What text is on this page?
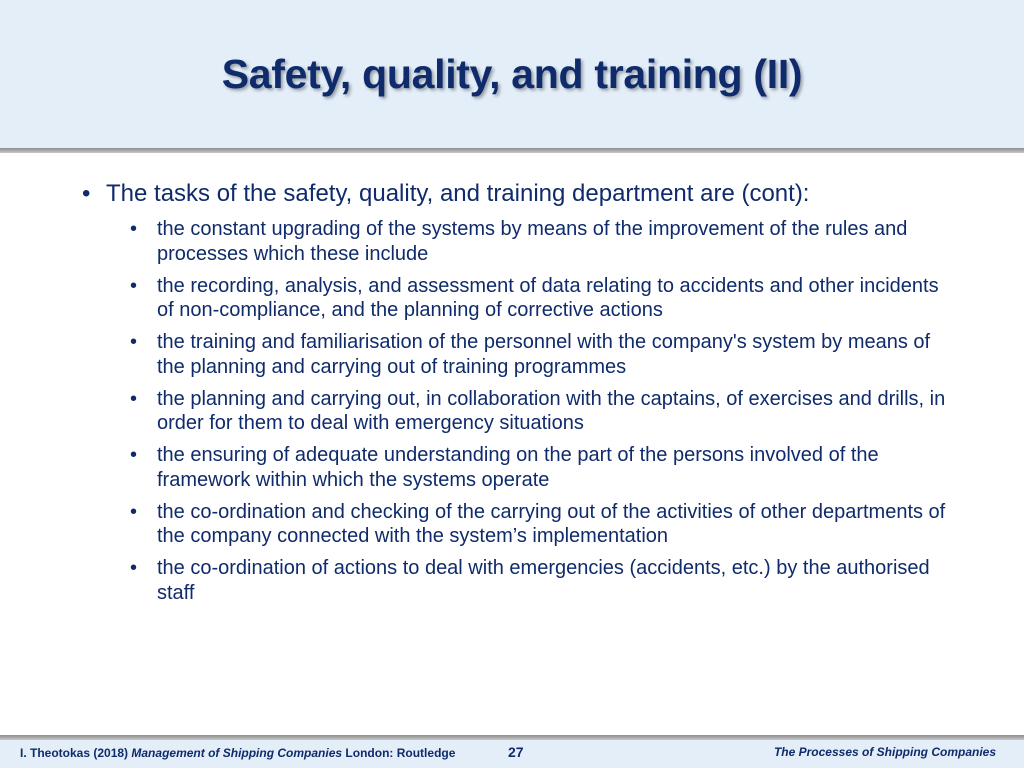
Safety, quality, and training (II)
• The tasks of the safety, quality, and training department are (cont):
• the constant upgrading of the systems by means of the improvement of the rules and processes which these include
• the recording, analysis, and assessment of data relating to accidents and other incidents of non-compliance, and the planning of corrective actions
• the training and familiarisation of the personnel with the company's system by means of the planning and carrying out of training programmes
• the planning and carrying out, in collaboration with the captains, of exercises and drills, in order for them to deal with emergency situations
• the ensuring of adequate understanding on the part of the persons involved of the framework within which the systems operate
• the co-ordination and checking of the carrying out of the activities of other departments of the company connected with the system’s implementation
• the co-ordination of actions to deal with emergencies (accidents, etc.) by the authorised staff
I. Theotokas (2018) Management of Shipping Companies London: Routledge	27	The Processes of Shipping Companies
